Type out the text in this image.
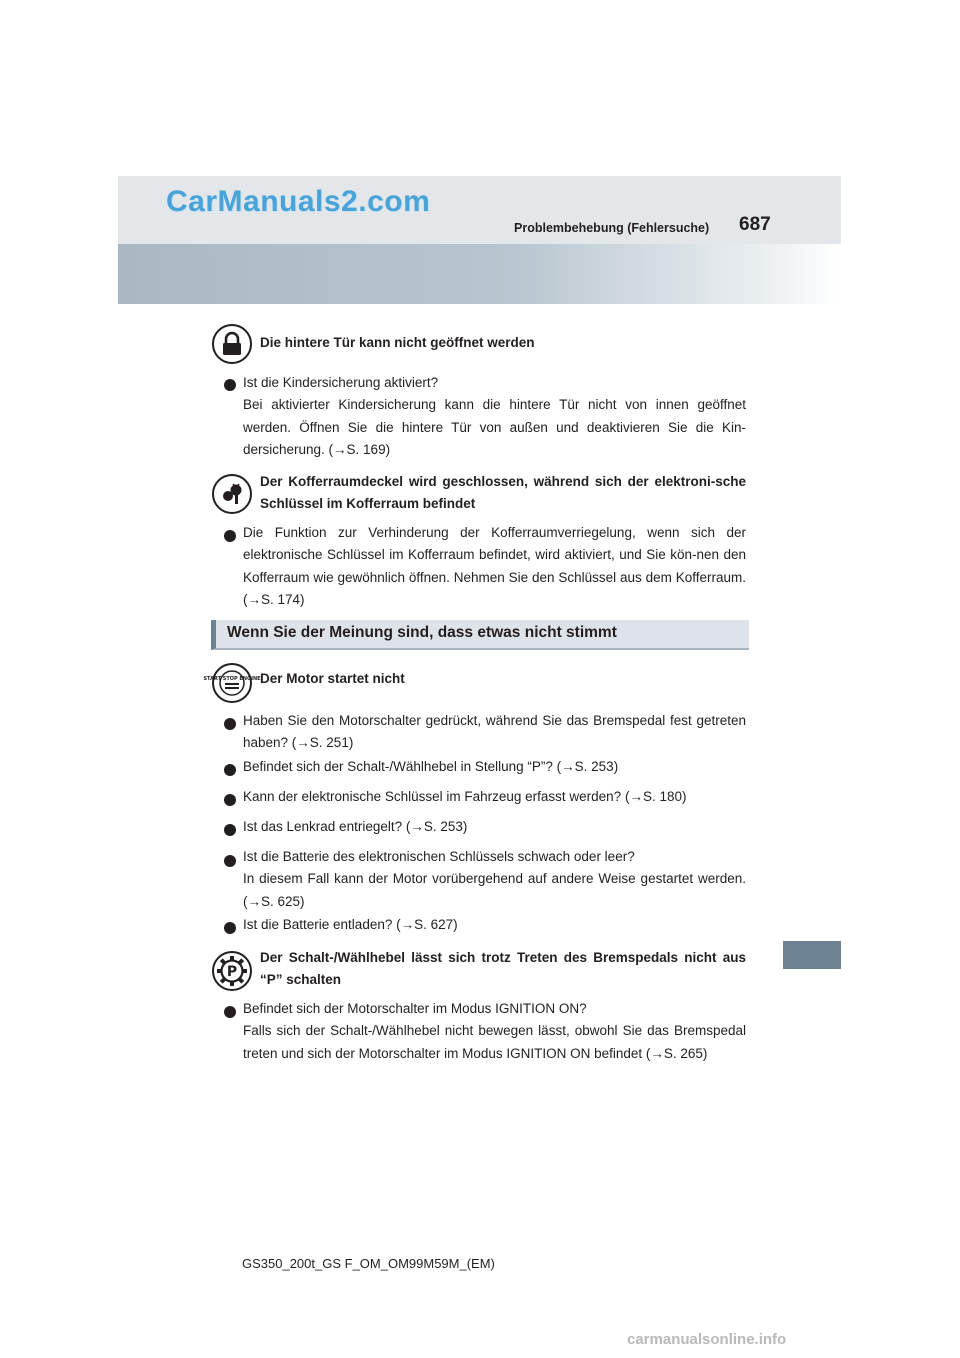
CarManuals2.com
Problembehebung (Fehlersuche) 687
Die hintere Tür kann nicht geöffnet werden
Ist die Kindersicherung aktiviert?
Bei aktivierter Kindersicherung kann die hintere Tür nicht von innen geöffnet werden. Öffnen Sie die hintere Tür von außen und deaktivieren Sie die Kin-dersicherung. (→S. 169)
Der Kofferraumdeckel wird geschlossen, während sich der elektroni-sche Schlüssel im Kofferraum befindet
Die Funktion zur Verhinderung der Kofferraumverriegelung, wenn sich der elektronische Schlüssel im Kofferraum befindet, wird aktiviert, und Sie kön-nen den Kofferraum wie gewöhnlich öffnen. Nehmen Sie den Schlüssel aus dem Kofferraum. (→S. 174)
Wenn Sie der Meinung sind, dass etwas nicht stimmt
START STOP ENGINE Der Motor startet nicht
Haben Sie den Motorschalter gedrückt, während Sie das Bremspedal fest getreten haben? (→S. 251)
Befindet sich der Schalt-/Wählhebel in Stellung “P”? (→S. 253)
Kann der elektronische Schlüssel im Fahrzeug erfasst werden? (→S. 180)
Ist das Lenkrad entriegelt? (→S. 253)
Ist die Batterie des elektronischen Schlüssels schwach oder leer?
In diesem Fall kann der Motor vorübergehend auf andere Weise gestartet werden. (→S. 625)
Ist die Batterie entladen? (→S. 627)
P
Der Schalt-/Wählhebel lässt sich trotz Treten des Bremspedals nicht aus “P” schalten
Befindet sich der Motorschalter im Modus IGNITION ON?
Falls sich der Schalt-/Wählhebel nicht bewegen lässt, obwohl Sie das Bremspedal treten und sich der Motorschalter im Modus IGNITION ON befindet (→S. 265)
GS350_200t_GS F_OM_OM99M59M_(EM)
carmanualsonline.info
